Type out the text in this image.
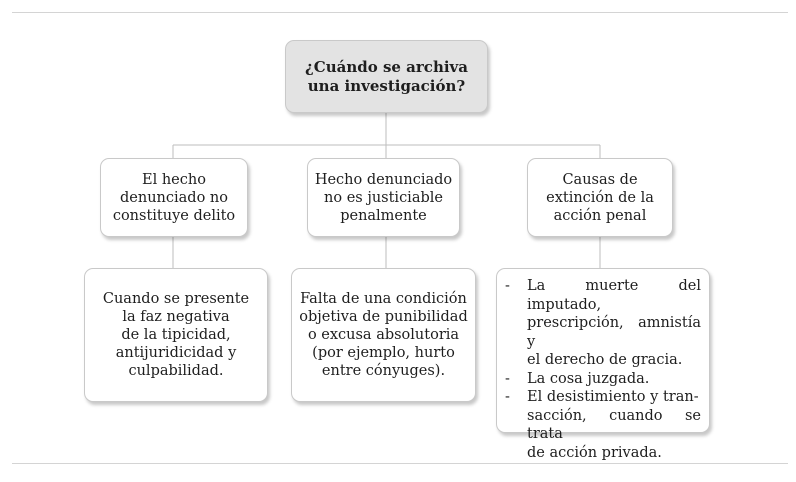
¿Cuándo se archiva
una investigación?
El hecho
denunciado no
constituye delito
Hecho denunciado
no es justiciable
penalmente
Causas de
extinción de la
acción penal
Cuando se presente
la faz negativa
de la tipicidad,
antijuridicidad y
culpabilidad.
Falta de una condición
objetiva de punibilidad
o excusa absolutoria
(por ejemplo, hurto
entre cónyuges).
-	La muerte del imputado,
prescripción, amnistía y
el derecho de gracia.
-	La cosa juzgada.
-	El desistimiento y tran-
sacción, cuando se trata
de acción privada.
